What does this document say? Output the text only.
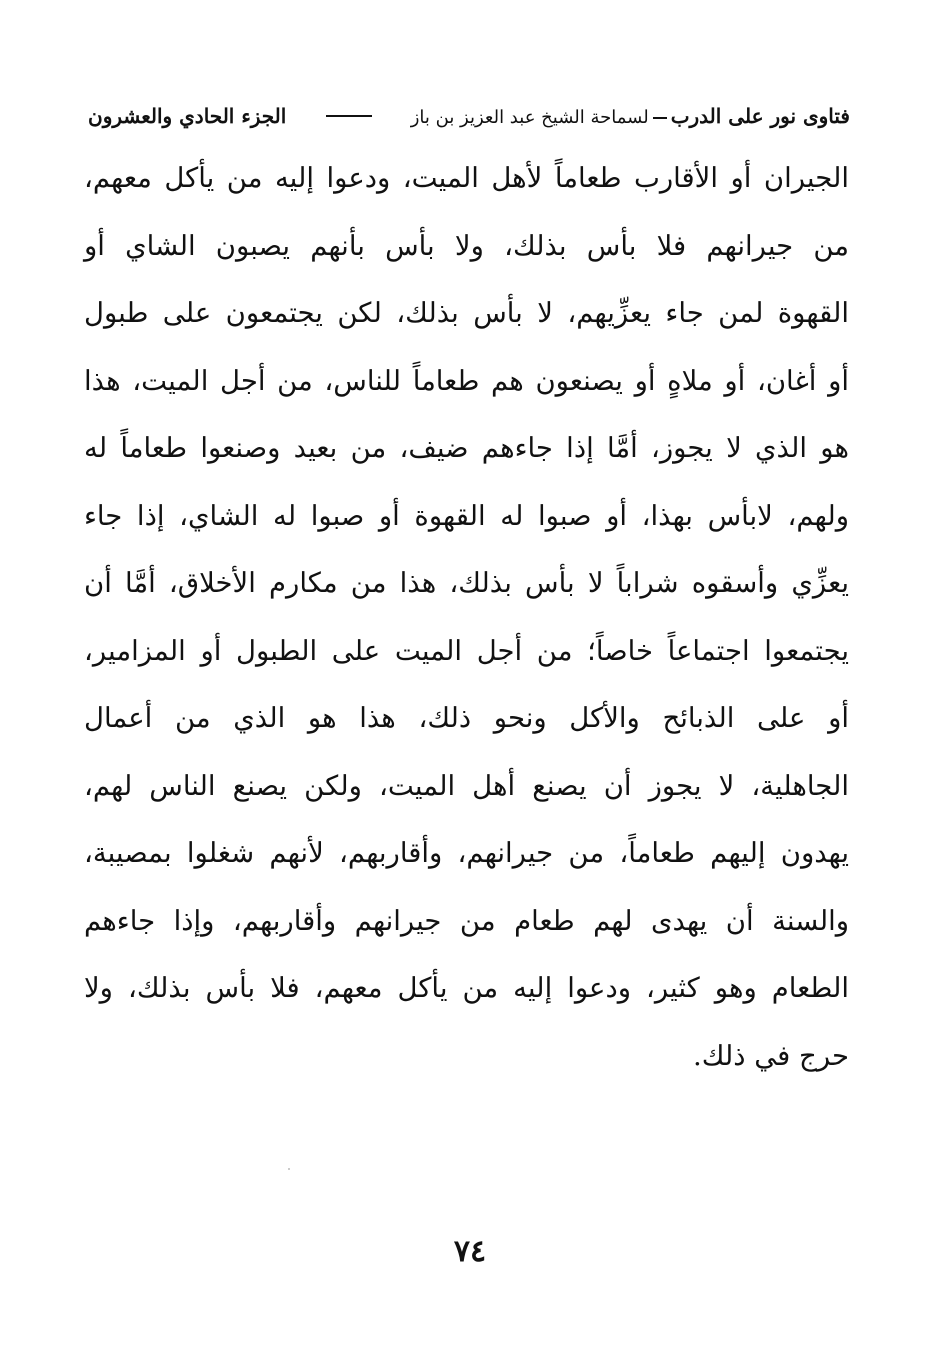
فتاوى نور على الدربلسماحة الشيخ عبد العزيز بن باز
الجزء الحادي والعشرون
الجيران أو الأقارب طعاماً لأهل الميت، ودعوا إليه من يأكل معهم،
من جيرانهم فلا بأس بذلك، ولا بأس بأنهم يصبون الشاي أو
القهوة لمن جاء يعزِّيهم، لا بأس بذلك، لكن يجتمعون على طبول
أو أغان، أو ملاهٍ أو يصنعون هم طعاماً للناس، من أجل الميت، هذا
هو الذي لا يجوز، أمَّا إذا جاءهم ضيف، من بعيد وصنعوا طعاماً له
ولهم، لابأس بهذا، أو صبوا له القهوة أو صبوا له الشاي، إذا جاء
يعزِّي وأسقوه شراباً لا بأس بذلك، هذا من مكارم الأخلاق، أمَّا أن
يجتمعوا اجتماعاً خاصاً؛ من أجل الميت على الطبول أو المزامير،
أو على الذبائح والأكل ونحو ذلك، هذا هو الذي من أعمال
الجاهلية، لا يجوز أن يصنع أهل الميت، ولكن يصنع الناس لهم،
يهدون إليهم طعاماً، من جيرانهم، وأقاربهم، لأنهم شغلوا بمصيبة،
والسنة أن يهدى لهم طعام من جيرانهم وأقاربهم، وإذا جاءهم
الطعام وهو كثير، ودعوا إليه من يأكل معهم، فلا بأس بذلك، ولا
حرج في ذلك.
٧٤
